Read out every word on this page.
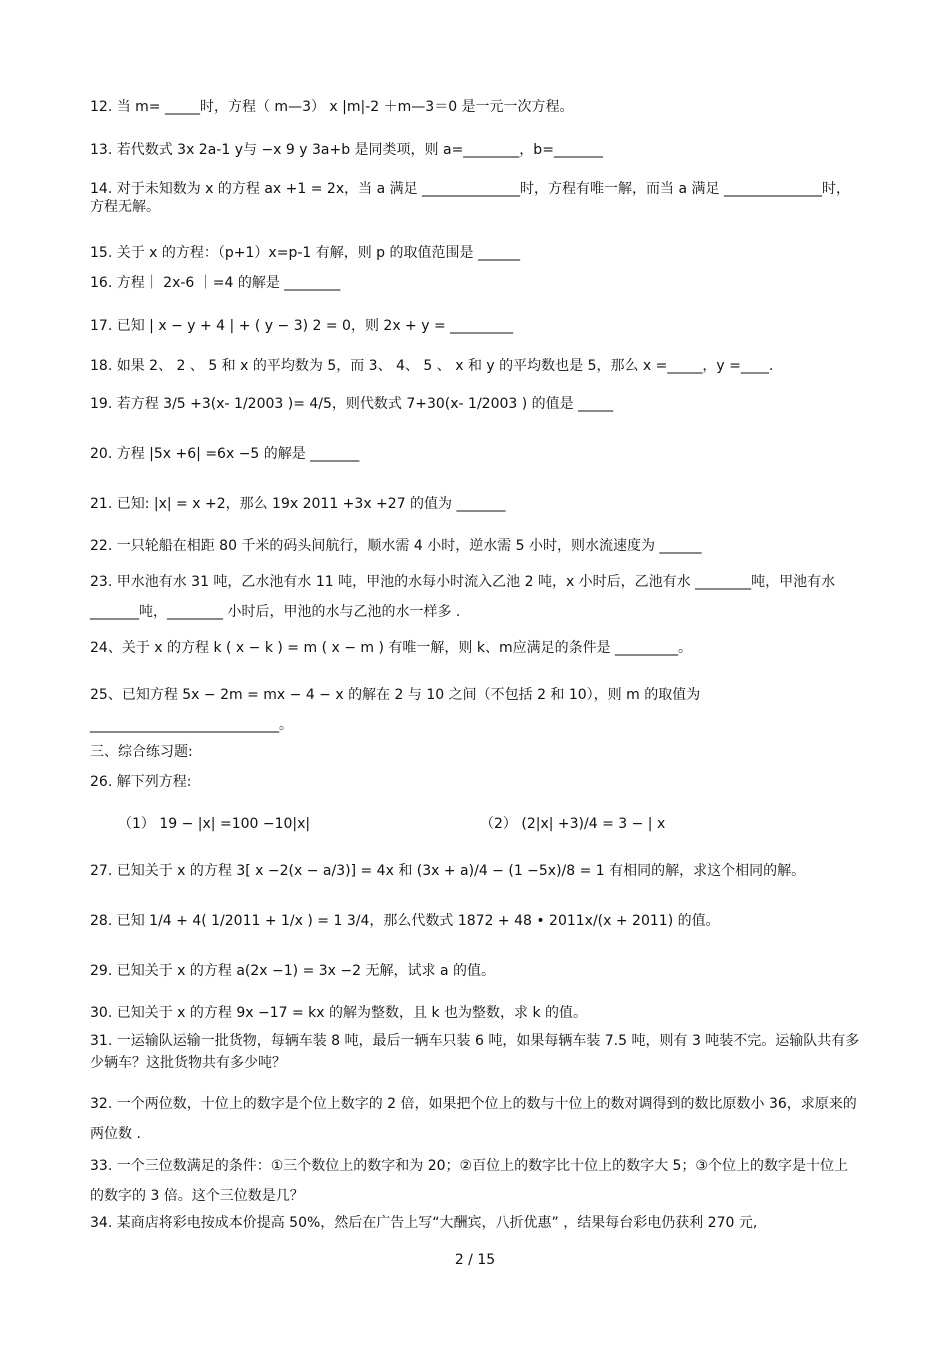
12. 当 m= _____时，方程（ m—3） x |m|-2 ＋m—3＝0 是一元一次方程。
13. 若代数式 3x 2a-1 y与 −x 9 y 3a+b 是同类项，则 a=________，b=_______
14. 对于未知数为 x 的方程 ax +1 = 2x，当 a 满足 ______________时，方程有唯一解，而当 a 满足 ______________时，方程无解。
15. 关于 x 的方程：（p+1）x=p-1 有解，则 p 的取值范围是 ______
16. 方程｜ 2x-6 ｜=4 的解是 ________
17. 已知 | x − y + 4 | + ( y − 3) 2 = 0，则 2x + y = _________
18. 如果 2、 2 、 5 和 x 的平均数为 5，而 3、 4、 5 、 x 和 y 的平均数也是 5，那么 x =_____，y =____.
19. 若方程 3/5 +3(x- 1/2003 )= 4/5，则代数式 7+30(x- 1/2003 ) 的值是 _____
20. 方程 |5x +6| =6x −5 的解是 _______
21. 已知: |x| = x +2，那么 19x 2011 +3x +27 的值为 _______
22. 一只轮船在相距 80 千米的码头间航行，顺水需 4 小时，逆水需 5 小时，则水流速度为 ______
23. 甲水池有水 31 吨，乙水池有水 11 吨，甲池的水每小时流入乙池 2 吨，x 小时后，乙池有水 ________吨，甲池有水 _______吨，________ 小时后，甲池的水与乙池的水一样多 .
24、关于 x 的方程 k ( x − k ) = m ( x − m ) 有唯一解，则 k、m应满足的条件是 _________。
25、已知方程 5x − 2m = mx − 4 − x 的解在 2 与 10 之间（不包括 2 和 10），则 m 的取值为 ___________________________。
三、综合练习题:
26. 解下列方程:
（1） 19 − |x| =100 −10|x|	（2） (2|x| +3)/4 = 3 − | x
27. 已知关于 x 的方程 3[ x −2(x − a/3)] = 4x 和 (3x + a)/4 − (1 −5x)/8 = 1 有相同的解，求这个相同的解。
28. 已知 1/4 + 4( 1/2011 + 1/x ) = 1 3/4，那么代数式 1872 + 48 • 2011x/(x + 2011) 的值。
29. 已知关于 x 的方程 a(2x −1) = 3x −2 无解，试求 a 的值。
30. 已知关于 x 的方程 9x −17 = kx 的解为整数，且 k 也为整数，求 k 的值。
31. 一运输队运输一批货物，每辆车装 8 吨，最后一辆车只装 6 吨，如果每辆车装 7.5 吨，则有 3 吨装不完。运输队共有多少辆车？这批货物共有多少吨？
32. 一个两位数，十位上的数字是个位上数字的 2 倍，如果把个位上的数与十位上的数对调得到的数比原数小 36，求原来的两位数 .
33. 一个三位数满足的条件：①三个数位上的数字和为 20；②百位上的数字比十位上的数字大 5；③个位上的数字是十位上的数字的 3 倍。这个三位数是几？
34. 某商店将彩电按成本价提高 50%，然后在广告上写“大酬宾，八折优惠” ，结果每台彩电仍获利 270 元,
2 / 15
